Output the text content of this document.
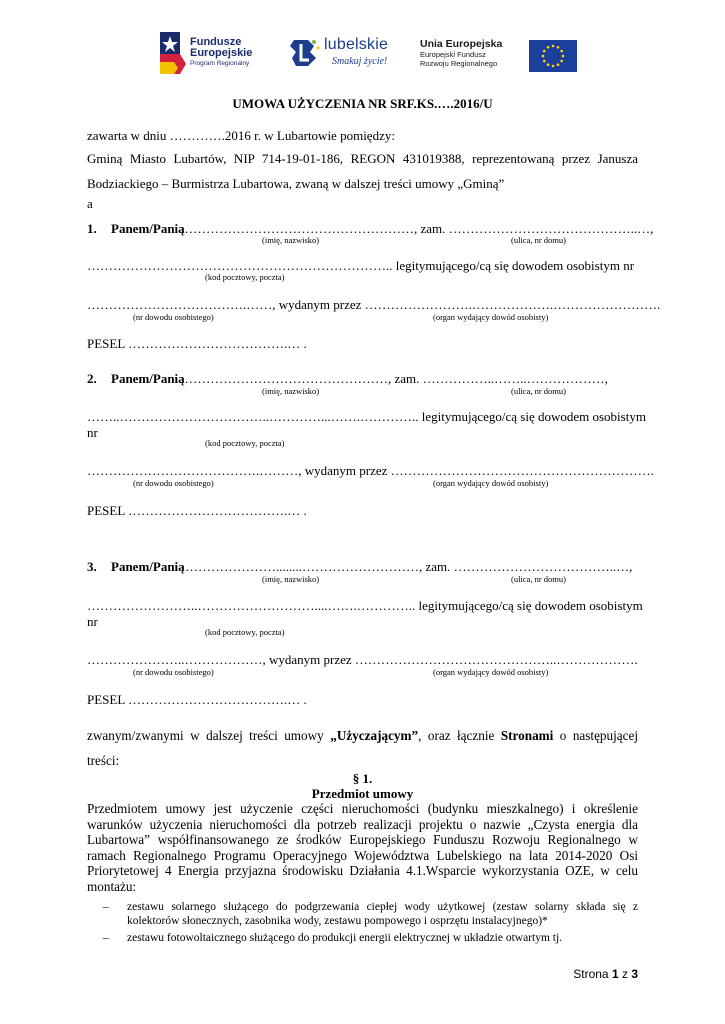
Fundusze
Europejskie
Program Regionalny
lubelskie
Smakuj życie!
Unia Europejska
Europejski Fundusz
Rozwoju Regionalnego
UMOWA UŻYCZENIA NR SRF.KS.….2016/U
zawarta w dniu ………….2016 r. w Lubartowie pomiędzy:
Gminą Miasto Lubartów, NIP 714-19-01-186, REGON 431019388, reprezentowaną przez Janusza Bodziackiego – Burmistrza Lubartowa, zwaną w dalszej treści umowy „Gminą”
a
1. Panem/Panią
………………………………………………, zam. ……………………………………..…,
(imię, nazwisko)	(ulica, nr domu)
…………………………………………………………….. legitymującego/cą się dowodem osobistym nr
(kod pocztowy, poczta)
……………………………….……, wydanym przez …………………….……………….…………………….
(nr dowodu osobistego)	(organ wydający dowód osobisty)
PESEL ……………………………….… .
2. Panem/Panią
…………………………………………, zam. ……………..……..………………,
(imię, nazwisko)	(ulica, nr domu)
……..……………………………..…………...…….………….. legitymującego/cą się dowodem osobistym
nr
(kod pocztowy, poczta)
………………………………….………, wydanym przez …………………………………………………….
(nr dowodu osobistego)	(organ wydający dowód osobisty)
PESEL ……………………………….… .
3. Panem/Panią …………………........………………………, zam. ………………………………..…,
(imię, nazwisko)	(ulica, nr domu)
……………………..………………………....…….………….. legitymującego/cą się dowodem osobistym
nr
(kod pocztowy, poczta)
…………………..………………, wydanym przez ………………………………………..……………….
(nr dowodu osobistego)	(organ wydający dowód osobisty)
PESEL ……………………………….… .
zwanym/zwanymi w dalszej treści umowy „Użyczającym”, oraz łącznie Stronami o następującej treści:
§ 1.
Przedmiot umowy
Przedmiotem umowy jest użyczenie części nieruchomości (budynku mieszkalnego) i określenie warunków użyczenia nieruchomości dla potrzeb realizacji projektu o nazwie „Czysta energia dla Lubartowa” współfinansowanego ze środków Europejskiego Funduszu Rozwoju Regionalnego w ramach Regionalnego Programu Operacyjnego Województwa Lubelskiego na lata 2014-2020 Osi Priorytetowej 4 Energia przyjazna środowisku Działania 4.1.Wsparcie wykorzystania OZE, w celu montażu:
– zestawu solarnego służącego do podgrzewania ciepłej wody użytkowej (zestaw solarny składa się z kolektorów słonecznych, zasobnika wody, zestawu pompowego i osprzętu instalacyjnego)*
– zestawu fotowoltaicznego służącego do produkcji energii elektrycznej w układzie otwartym tj.
Strona 1 z 3
